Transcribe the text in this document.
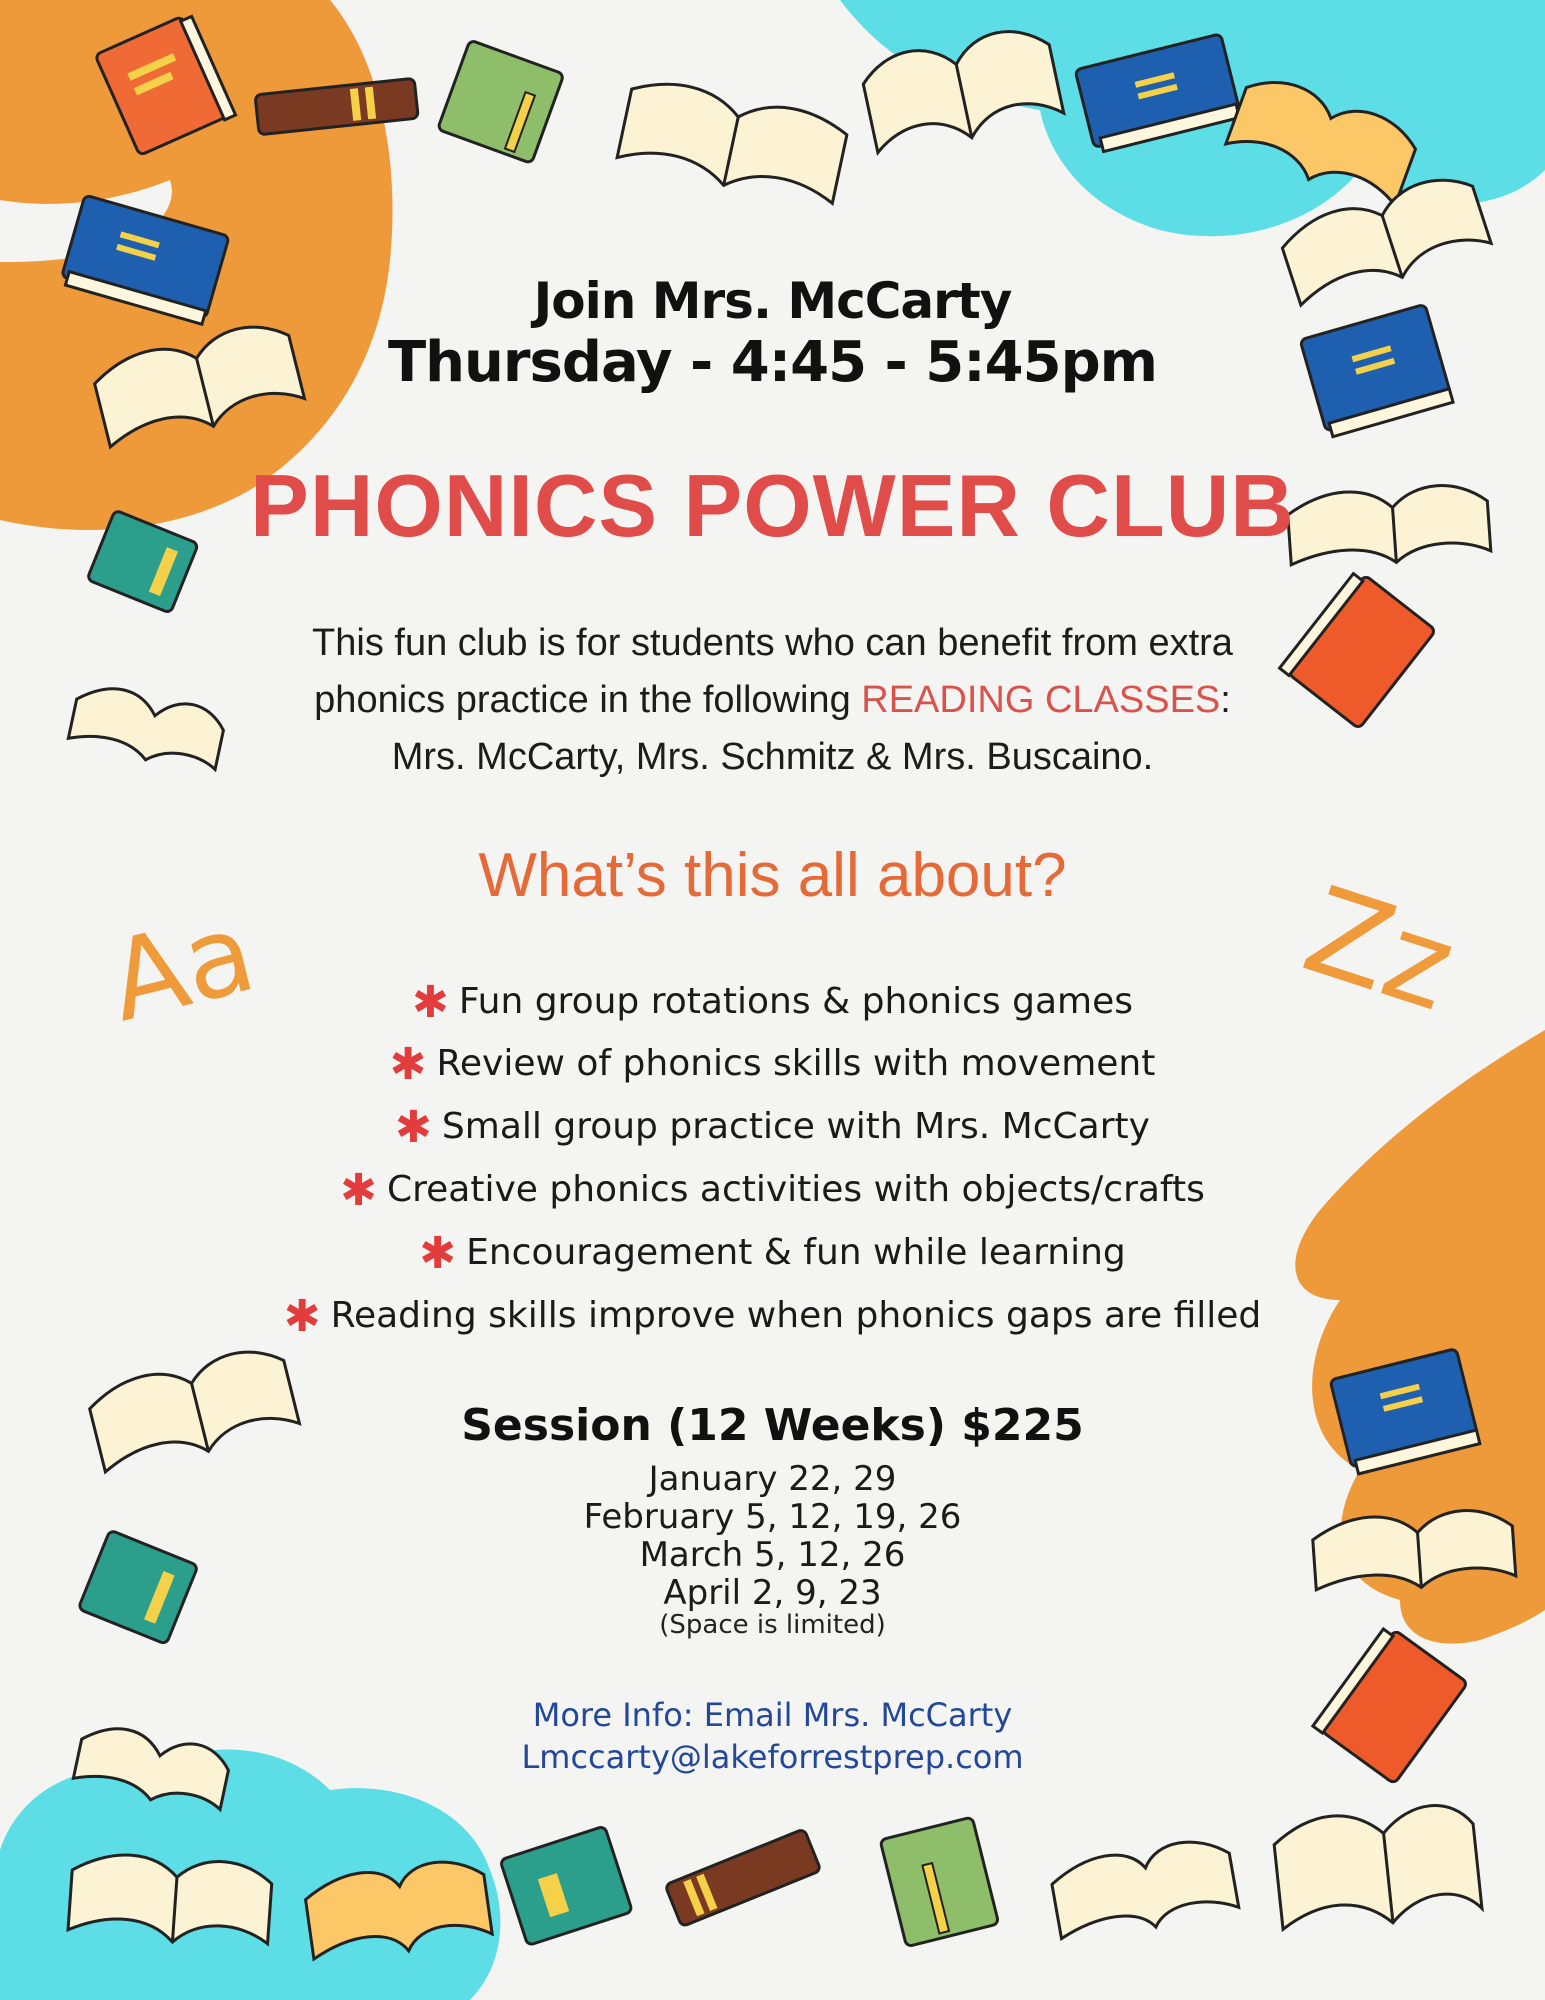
Aa	Zz
Join Mrs. McCarty
Thursday - 4:45 - 5:45pm
PHONICS POWER CLUB
This fun club is for students who can benefit from extra
phonics practice in the following READING CLASSES:
Mrs. McCarty, Mrs. Schmitz & Mrs. Buscaino.
What’s this all about?
✱ Fun group rotations & phonics games
✱ Review of phonics skills with movement
✱ Small group practice with Mrs. McCarty
✱ Creative phonics activities with objects/crafts
✱ Encouragement & fun while learning
✱ Reading skills improve when phonics gaps are filled
Session (12 Weeks) $225
January 22, 29
February 5, 12, 19, 26
March 5, 12, 26
April 2, 9, 23
(Space is limited)
More Info: Email Mrs. McCarty
Lmccarty@lakeforrestprep.com
